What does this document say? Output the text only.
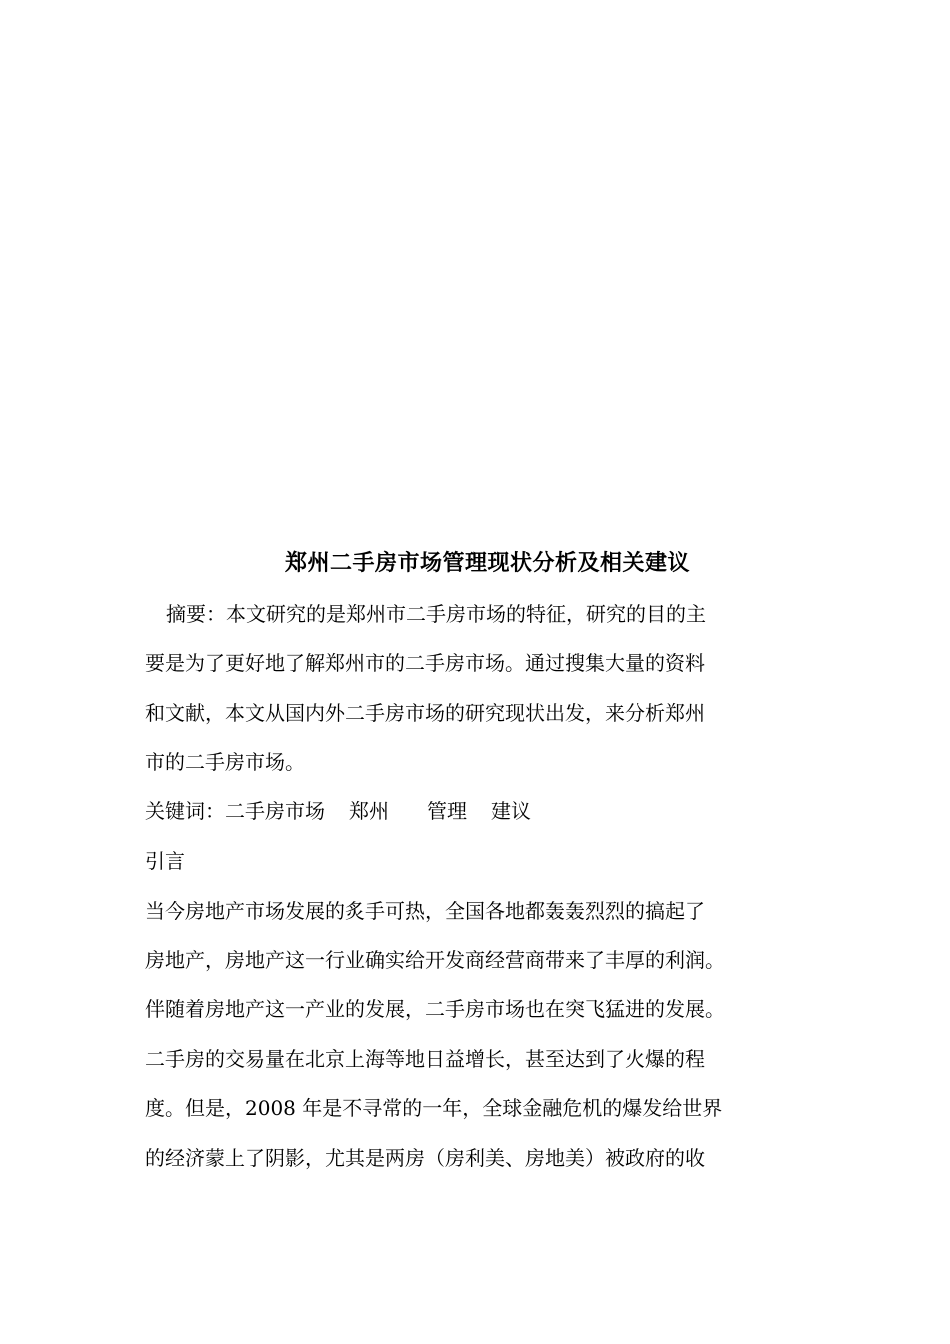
郑州二手房市场管理现状分析及相关建议
摘要：本文研究的是郑州市二手房市场的特征，研究的目的主
要是为了更好地了解郑州市的二手房市场。通过搜集大量的资料
和文献，本文从国内外二手房市场的研究现状出发，来分析郑州
市的二手房市场。
关键词：二手房市场 郑州 管理 建议
引言
当今房地产市场发展的炙手可热，全国各地都轰轰烈烈的搞起了
房地产，房地产这一行业确实给开发商经营商带来了丰厚的利润。
伴随着房地产这一产业的发展，二手房市场也在突飞猛进的发展。
二手房的交易量在北京上海等地日益增长，甚至达到了火爆的程
度。但是，2008 年是不寻常的一年，全球金融危机的爆发给世界
的经济蒙上了阴影，尤其是两房（房利美、房地美）被政府的收
